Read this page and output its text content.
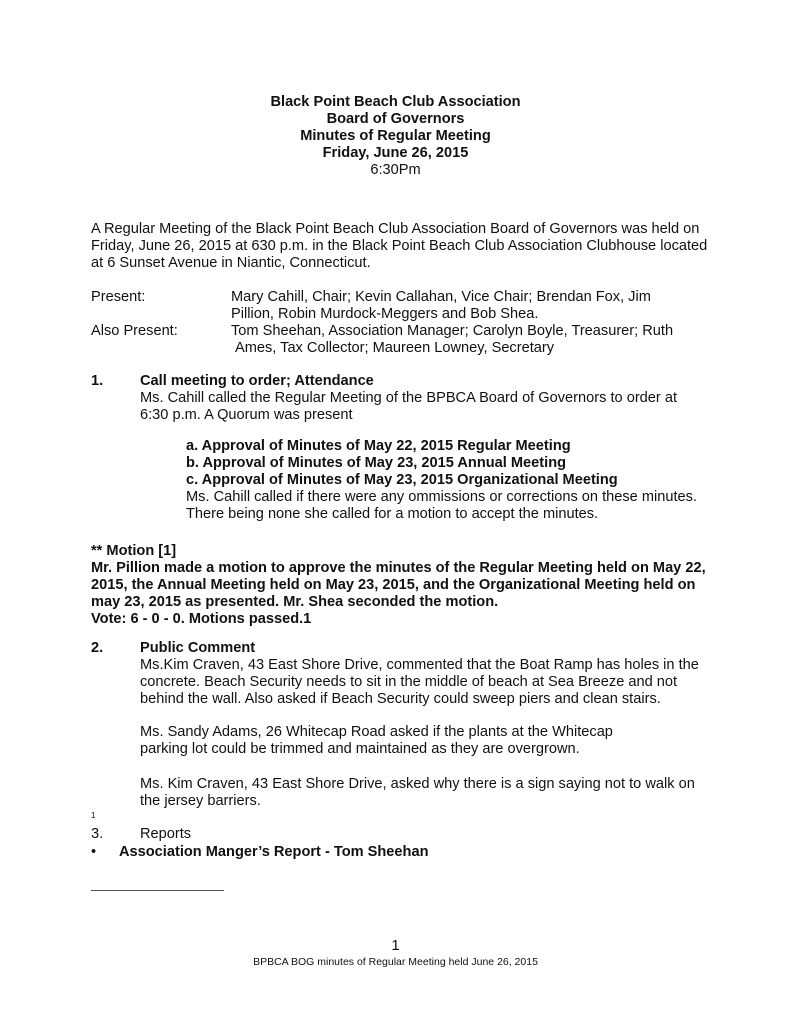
Black Point Beach Club Association
Board of Governors
Minutes of Regular Meeting
Friday, June 26, 2015
6:30Pm
A Regular Meeting of the Black Point Beach Club Association Board of Governors was held on
Friday, June 26, 2015 at 630 p.m. in the Black Point Beach Club Association Clubhouse located
at 6 Sunset Avenue in Niantic, Connecticut.
Present:	Mary Cahill, Chair; Kevin Callahan, Vice Chair; Brendan Fox, Jim
Pillion, Robin Murdock-Meggers and Bob Shea.
Also Present:	Tom Sheehan, Association Manager; Carolyn Boyle, Treasurer; Ruth
Ames, Tax Collector; Maureen Lowney, Secretary
1.	Call meeting to order; Attendance
Ms. Cahill called the Regular Meeting of the BPBCA Board of Governors to order at
6:30 p.m. A Quorum was present
a. Approval of Minutes of May 22, 2015 Regular Meeting
b. Approval of Minutes of May 23, 2015 Annual Meeting
c. Approval of Minutes of May 23, 2015 Organizational Meeting
Ms. Cahill called if there were any ommissions or corrections on these minutes.
There being none she called for a motion to accept the minutes.
** Motion [1]
Mr. Pillion made a motion to approve the minutes of the Regular Meeting held on May 22,
2015, the Annual Meeting held on May 23, 2015, and the Organizational Meeting held on
may 23, 2015 as presented. Mr. Shea seconded the motion.
Vote: 6 - 0 - 0. Motions passed.1
2.	Public Comment
Ms.Kim Craven, 43 East Shore Drive, commented that the Boat Ramp has holes in the
concrete. Beach Security needs to sit in the middle of beach at Sea Breeze and not
behind the wall. Also asked if Beach Security could sweep piers and clean stairs.
Ms. Sandy Adams, 26 Whitecap Road asked if the plants at the Whitecap
parking lot could be trimmed and maintained as they are overgrown.
Ms. Kim Craven, 43 East Shore Drive, asked why there is a sign saying not to walk on
the jersey barriers.
1
3.	Reports
• Association Manger’s Report - Tom Sheehan
1
BPBCA BOG minutes of Regular Meeting held June 26, 2015
